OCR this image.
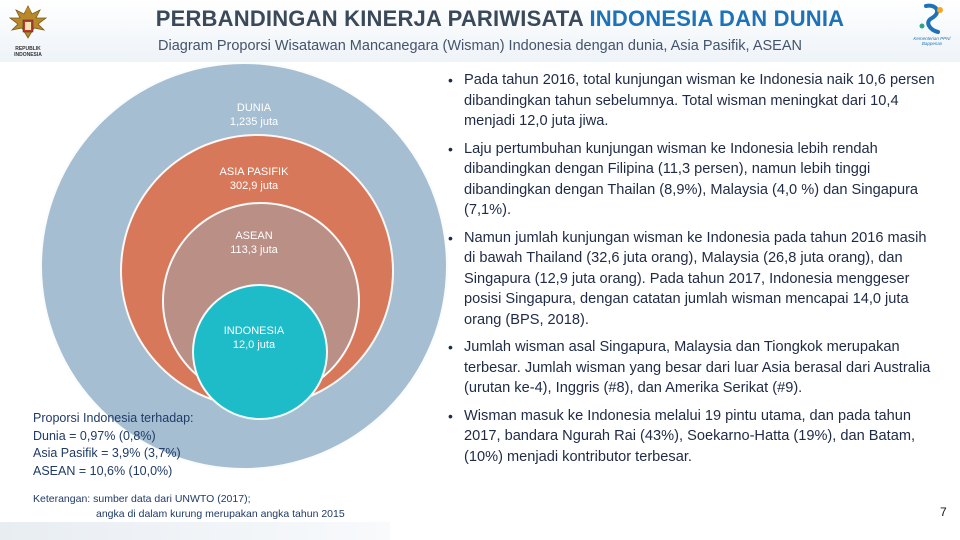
REPUBLIK INDONESIA
PERBANDINGAN KINERJA PARIWISATA INDONESIA DAN DUNIA
Diagram Proporsi Wisatawan Mancanegara (Wisman) Indonesia dengan dunia, Asia Pasifik, ASEAN	Kementerian PPN/ Bappenas
DUNIA
1,235 juta
ASIA PASIFIK
302,9 juta
ASEAN
113,3 juta
INDONESIA
12,0 juta
Proporsi Indonesia terhadap:
Dunia = 0,97% (0,8%)
Asia Pasifik = 3,9% (3,7%)
ASEAN = 10,6% (10,0%)
Keterangan: sumber data dari UNWTO (2017);
angka di dalam kurung merupakan angka tahun 2015
• Pada tahun 2016, total kunjungan wisman ke Indonesia naik 10,6 persen dibandingkan tahun sebelumnya. Total wisman meningkat dari 10,4 menjadi 12,0 juta jiwa.
• Laju pertumbuhan kunjungan wisman ke Indonesia lebih rendah dibandingkan dengan Filipina (11,3 persen), namun lebih tinggi dibandingkan dengan Thailan (8,9%), Malaysia (4,0 %) dan Singapura (7,1%).
• Namun jumlah kunjungan wisman ke Indonesia pada tahun 2016 masih di bawah Thailand (32,6 juta orang), Malaysia (26,8 juta orang), dan Singapura (12,9 juta orang). Pada tahun 2017, Indonesia menggeser posisi Singapura, dengan catatan jumlah wisman mencapai 14,0 juta orang (BPS, 2018).
• Jumlah wisman asal Singapura, Malaysia dan Tiongkok merupakan terbesar. Jumlah wisman yang besar dari luar Asia berasal dari Australia (urutan ke-4), Inggris (#8), dan Amerika Serikat (#9).
• Wisman masuk ke Indonesia melalui 19 pintu utama, dan pada tahun 2017, bandara Ngurah Rai (43%), Soekarno-Hatta (19%), dan Batam, (10%) menjadi kontributor terbesar.
7
